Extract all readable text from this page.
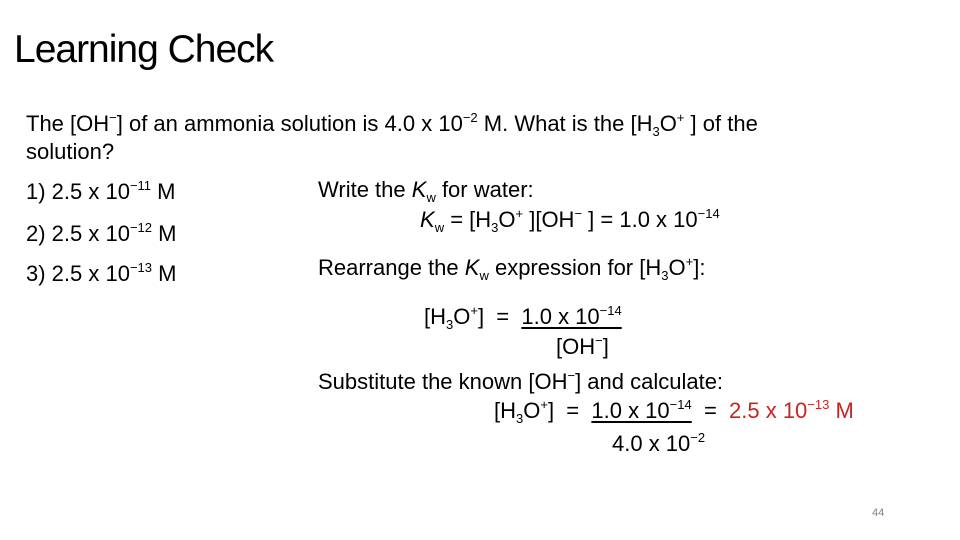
Learning Check
The [OH−] of an ammonia solution is 4.0 x $10^{-2}$ M. What is the [$H_3O^+$ ] of the
solution?
1) 2.5 x $10^{-11}$ M
2) 2.5 x $10^{-12}$ M
3) 2.5 x $10^{-13}$ M
Write the $K_w$ for water:
$K_w = [H_3O^+$ ][OH− ] = 1.0 x $10^{-14}$
Rearrange the $K_w$ expression for $[H_3O^+]$:
$[H_3O^+] = 1.0$ x $10^{-14}$
[OH−]
Substitute the known [OH−] and calculate:
$[H_3O^+] = 1.0$ x $10^{-14} = 2.5$ x $10^{-13}$ M
4.0 x $10^{-2}$
44
